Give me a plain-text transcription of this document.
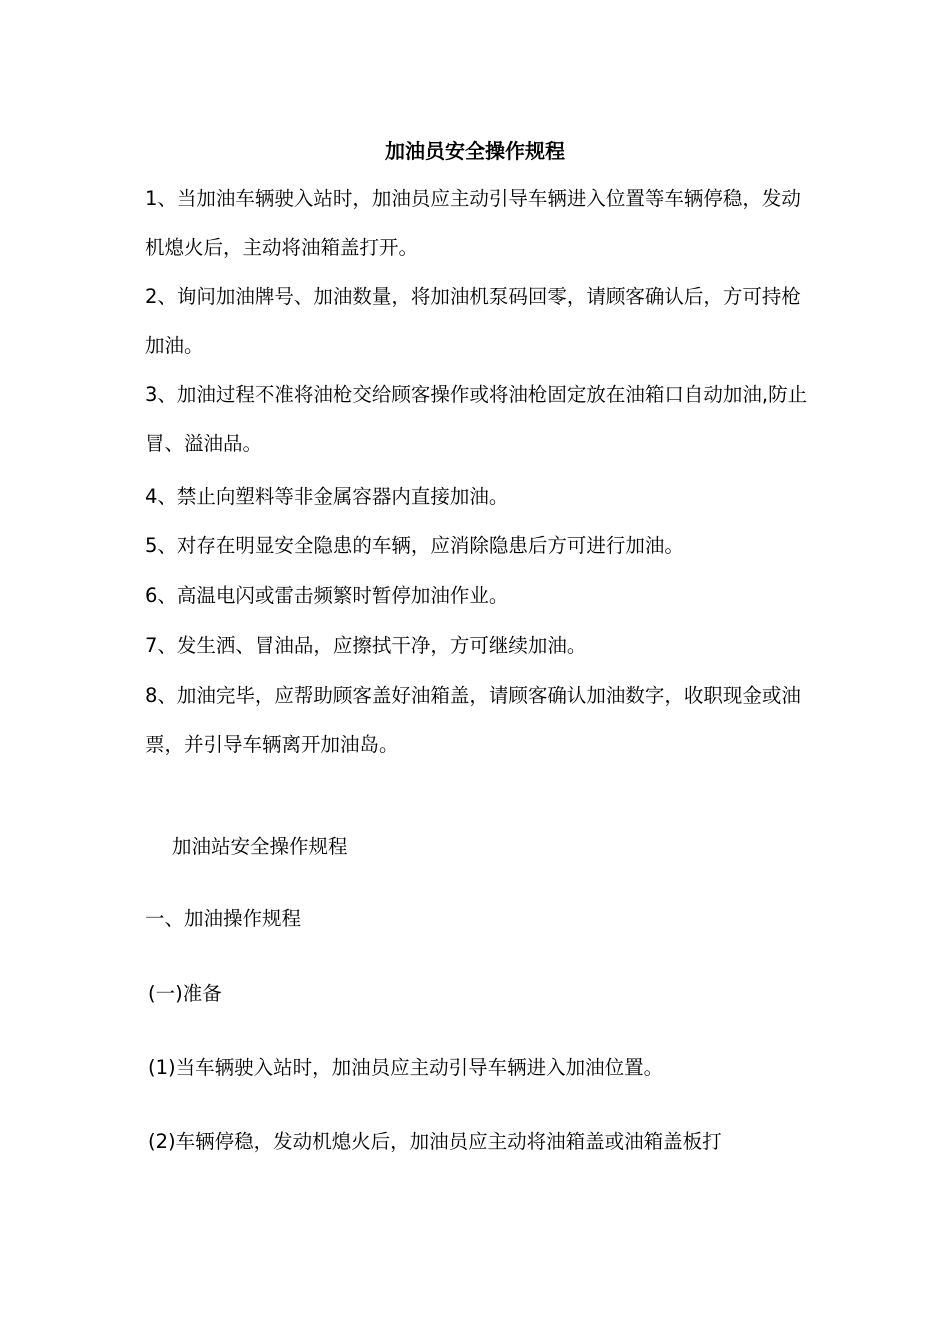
加油员安全操作规程

1、当加油车辆驶入站时，加油员应主动引导车辆进入位置等车辆停稳，发动机熄火后，主动将油箱盖打开。

2、询问加油牌号、加油数量，将加油机泵码回零，请顾客确认后，方可持枪加油。

3、加油过程不准将油枪交给顾客操作或将油枪固定放在油箱口自动加油,防止冒、溢油品。

4、禁止向塑料等非金属容器内直接加油。

5、对存在明显安全隐患的车辆，应消除隐患后方可进行加油。

6、高温电闪或雷击频繁时暂停加油作业。

7、发生洒、冒油品，应擦拭干净，方可继续加油。

8、加油完毕，应帮助顾客盖好油箱盖，请顾客确认加油数字，收职现金或油票，并引导车辆离开加油岛。

加油站安全操作规程
一、加油操作规程
(一)准备
(1)当车辆驶入站时，加油员应主动引导车辆进入加油位置。
(2)车辆停稳，发动机熄火后，加油员应主动将油箱盖或油箱盖板打
